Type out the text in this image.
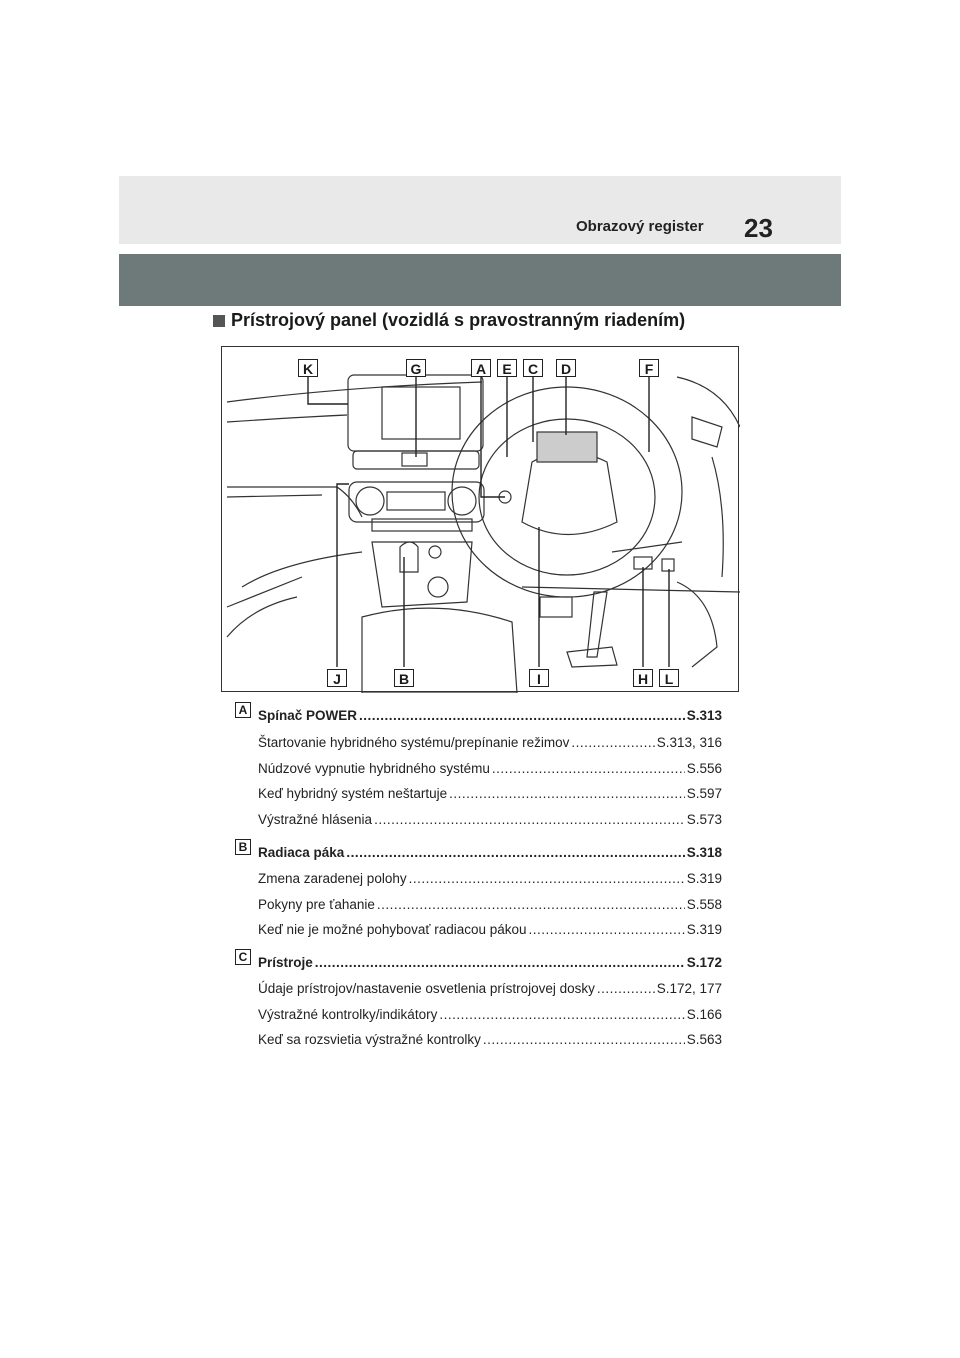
Obrazový register 23
Prístrojový panel (vozidlá s pravostranným riadením)
K	G	A	E	C	D	F
J	B	I	H	L
A Spínač POWER .....	S.313
Štartovanie hybridného systému/prepínanie režimov .....	S.313, 316
Núdzové vypnutie hybridného systému .....	S.556
Keď hybridný systém neštartuje .....	S.597
Výstražné hlásenia .....	S.573
B Radiaca páka .....	S.318
Zmena zaradenej polohy .....	S.319
Pokyny pre ťahanie .....	S.558
Keď nie je možné pohybovať radiacou pákou .....	S.319
C Prístroje .....	S.172
Údaje prístrojov/nastavenie osvetlenia prístrojovej dosky .....	S.172, 177
Výstražné kontrolky/indikátory .....	S.166
Keď sa rozsvietia výstražné kontrolky .....	S.563
